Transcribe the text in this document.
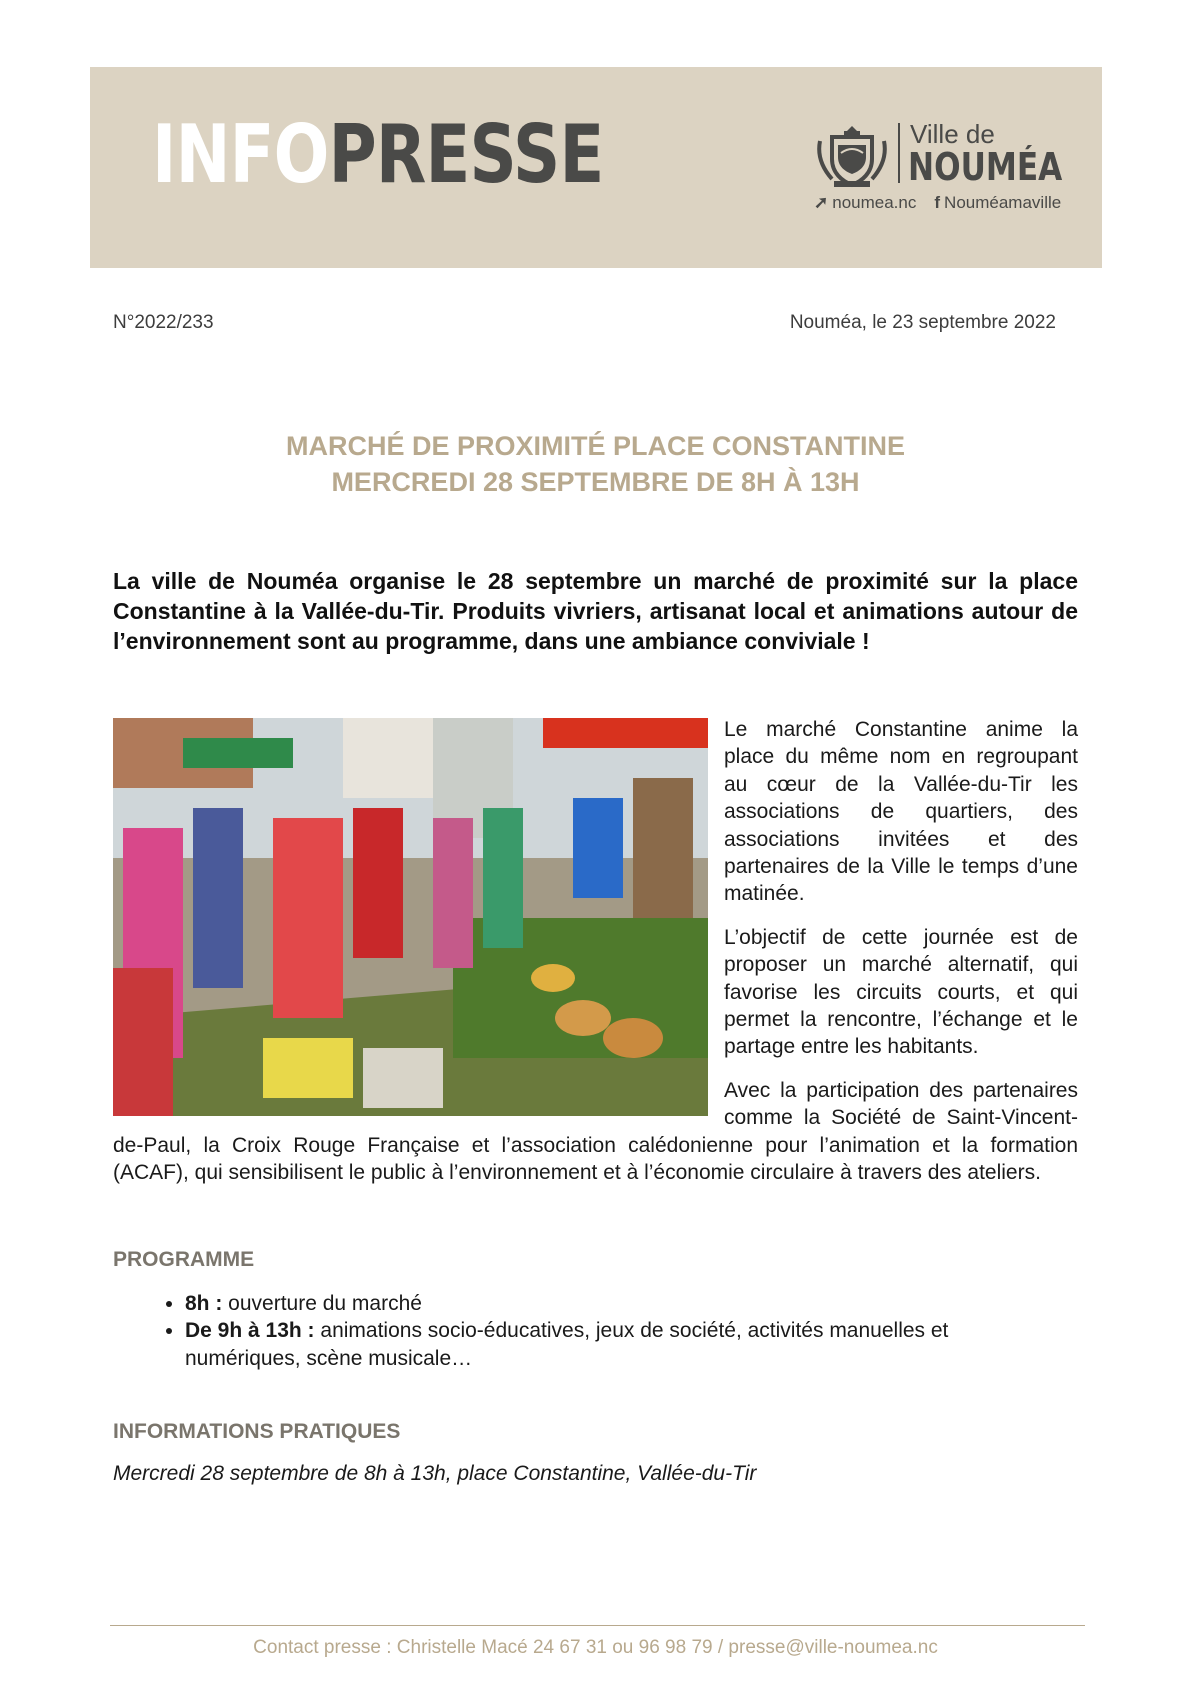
INFOPRESSE	Ville de
NOUMÉA
➚ noumea.nc f Nouméamaville
N°2022/233	Nouméa, le 23 septembre 2022
MARCHÉ DE PROXIMITÉ PLACE CONSTANTINE
MERCREDI 28 SEPTEMBRE DE 8H À 13H
La ville de Nouméa organise le 28 septembre un marché de proximité sur la place Constantine à la Vallée-du-Tir. Produits vivriers, artisanat local et animations autour de l’environnement sont au programme, dans une ambiance conviviale !

Le marché Constantine anime la place du même nom en regroupant au cœur de la Vallée-du-Tir les associations de quartiers, des associations invitées et des partenaires de la Ville le temps d’une matinée.

L’objectif de cette journée est de proposer un marché alternatif, qui favorise les circuits courts, et qui permet la rencontre, l’échange et le partage entre les habitants.

Avec la participation des partenaires comme la Société de Saint-Vincent-de-Paul, la Croix Rouge Française et l’association calédonienne pour l’animation et la formation (ACAF), qui sensibilisent le public à l’environnement et à l’économie circulaire à travers des ateliers.

PROGRAMME
• 8h : ouverture du marché
• De 9h à 13h : animations socio-éducatives, jeux de société, activités manuelles et numériques, scène musicale…
INFORMATIONS PRATIQUES
Mercredi 28 septembre de 8h à 13h, place Constantine, Vallée-du-Tir
Contact presse : Christelle Macé 24 67 31 ou 96 98 79 / presse@ville-noumea.nc
